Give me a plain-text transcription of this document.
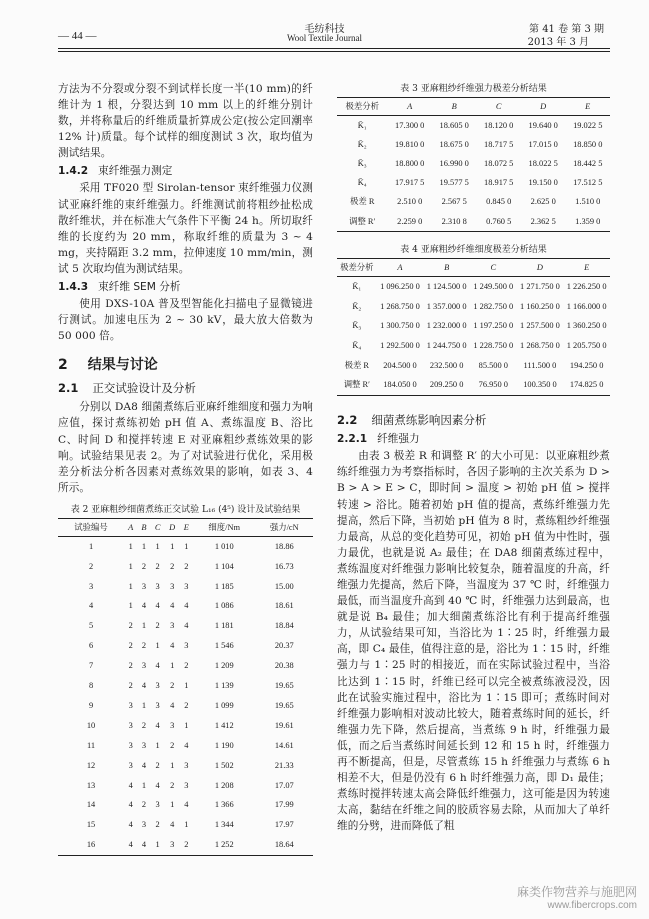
— 44 —
毛纺科技
Wool Textile Journal
第 41 卷 第 3 期
2013 年 3 月

方法为不分裂或分裂不到试样长度一半(10 mm)的纤维计为 1 根，分裂达到 10 mm 以上的纤维分别计数，并将称量后的纤维质量折算成公定(按公定回潮率 12% 计)质量。每个试样的细度测试 3 次，取均值为测试结果。

1.4.2 束纤维强力测定

采用 TF020 型 Sirolan-tensor 束纤维强力仪测试亚麻纤维的束纤维强力。纤维测试前将粗纱扯松成散纤维状，并在标准大气条件下平衡 24 h。所切取纤维的长度约为 20 mm，称取纤维的质量为 3 ~ 4 mg，夹持隔距 3.2 mm，拉伸速度 10 mm/min，测试 5 次取均值为测试结果。

1.4.3 束纤维 SEM 分析

使用 DXS-10A 普及型智能化扫描电子显微镜进行测试。加速电压为 2 ~ 30 kV，最大放大倍数为 50 000 倍。

2 结果与讨论
2.1 正交试验设计及分析

分别以 DA8 细菌煮练后亚麻纤维细度和强力为响应值，探讨煮练初始 pH 值 A、煮练温度 B、浴比 C、时间 D 和搅拌转速 E 对亚麻粗纱煮练效果的影响。试验结果见表 2。为了对试验进行优化，采用极差分析法分析各因素对煮练效果的影响，如表 3、4 所示。

表 2 亚麻粗纱细菌煮练正交试验 L₁₆ (4⁵) 设计及试验结果
试验编号	A	B	C	D	E	细度/Nm	强力/cN
1	1	1	1	1	1	1 010	18.86
2	1	2	2	2	2	1 104	16.73
3	1	3	3	3	3	1 185	15.00
4	1	4	4	4	4	1 086	18.61
5	2	1	2	3	4	1 181	18.84
6	2	2	1	4	3	1 546	20.37
7	2	3	4	1	2	1 209	20.38
8	2	4	3	2	1	1 139	19.65
9	3	1	3	4	2	1 099	19.65
10	3	2	4	3	1	1 412	19.61
11	3	3	1	2	4	1 190	14.61
12	3	4	2	1	3	1 502	21.33
13	4	1	4	2	3	1 208	17.07
14	4	2	3	1	4	1 366	17.99
15	4	3	2	4	1	1 344	17.97
16	4	4	1	3	2	1 252	18.64
表 3 亚麻粗纱纤维强力极差分析结果
极差分析	A	B	C	D	E
K̄₁	17.300 0	18.605 0	18.120 0	19.640 0	19.022 5
K̄₂	19.810 0	18.675 0	18.717 5	17.015 0	18.850 0
K̄₃	18.800 0	16.990 0	18.072 5	18.022 5	18.442 5
K̄₄	17.917 5	19.577 5	18.917 5	19.150 0	17.512 5
极差 R	2.510 0	2.567 5	0.845 0	2.625 0	1.510 0
调整 R′	2.259 0	2.310 8	0.760 5	2.362 5	1.359 0
表 4 亚麻粗纱纤维细度极差分析结果
极差分析	A	B	C	D	E
K̄₁	1 096.250 0	1 124.500 0	1 249.500 0	1 271.750 0	1 226.250 0
K̄₂	1 268.750 0	1 357.000 0	1 282.750 0	1 160.250 0	1 166.000 0
K̄₃	1 300.750 0	1 232.000 0	1 197.250 0	1 257.500 0	1 360.250 0
K̄₄	1 292.500 0	1 244.750 0	1 228.750 0	1 268.750 0	1 205.750 0
极差 R	204.500 0	232.500 0	85.500 0	111.500 0	194.250 0
调整 R′	184.050 0	209.250 0	76.950 0	100.350 0	174.825 0
2.2 细菌煮练影响因素分析
2.2.1 纤维强力

由表 3 极差 R 和调整 R′ 的大小可见：以亚麻粗纱煮练纤维强力为考察指标时，各因子影响的主次关系为 D > B > A > E > C，即时间 > 温度 > 初始 pH 值 > 搅拌转速 > 浴比。随着初始 pH 值的提高，煮练纤维强力先提高，然后下降，当初始 pH 值为 8 时，煮练粗纱纤维强力最高，从总的变化趋势可见，初始 pH 值为中性时，强力最优，也就是说 A₂ 最佳；在 DA8 细菌煮练过程中，煮练温度对纤维强力影响比较复杂，随着温度的升高，纤维强力先提高，然后下降，当温度为 37 ℃ 时，纤维强力最低，而当温度升高到 40 ℃ 时，纤维强力达到最高，也就是说 B₄ 最佳；加大细菌煮练浴比有利于提高纤维强力，从试验结果可知，当浴比为 1∶25 时，纤维强力最高，即 C₄ 最佳，值得注意的是，浴比为 1∶15 时，纤维强力与 1∶25 时的相接近，而在实际试验过程中，当浴比达到 1∶15 时，纤维已经可以完全被煮练液浸没，因此在试验实施过程中，浴比为 1∶15 即可；煮练时间对纤维强力影响相对波动比较大，随着煮练时间的延长，纤维强力先下降，然后提高，当煮练 9 h 时，纤维强力最低，而之后当煮练时间延长到 12 和 15 h 时，纤维强力再不断提高，但是，尽管煮练 15 h 纤维强力与煮练 6 h 相差不大，但是仍没有 6 h 时纤维强力高，即 D₁ 最佳；煮练时搅拌转速太高会降低纤维强力，这可能是因为转速太高，黏结在纤维之间的胶质容易去除，从而加大了单纤维的分劈，进而降低了粗

麻类作物营养与施肥网
www.fibercrops.com
